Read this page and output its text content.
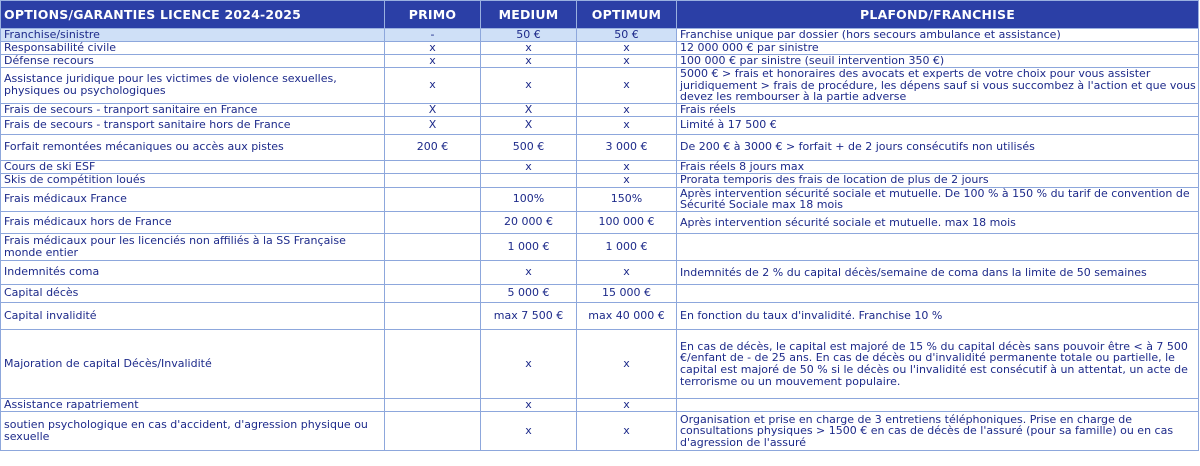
OPTIONS/GARANTIES LICENCE 2024-2025	PRIMO	MEDIUM	OPTIMUM	PLAFOND/FRANCHISE
Franchise/sinistre	-	50 €	50 €	Franchise unique par dossier (hors secours ambulance et assistance)
Responsabilité civile	x	x	x	12 000 000 € par sinistre
Défense recours	x	x	x	100 000 € par sinistre (seuil intervention 350 €)
Assistance juridique pour les victimes de violence sexuelles, physiques ou psychologiques	x	x	x	5000 € > frais et honoraires des avocats et experts de votre choix pour vous assister juridiquement > frais de procédure, les dépens sauf si vous succombez à l'action et que vous devez les rembourser à la partie adverse
Frais de secours - tranport sanitaire en France	X	X	x	Frais réels
Frais de secours - transport sanitaire hors de France	X	X	x	Limité à 17 500 €
Forfait remontées mécaniques ou accès aux pistes	200 €	500 €	3 000 €	De 200 € à 3000 € > forfait + de 2 jours consécutifs non utilisés
Cours de ski ESF		x	x	Frais réels 8 jours max
Skis de compétition loués			x	Prorata temporis des frais de location de plus de 2 jours
Frais médicaux France		100%	150%	Après intervention sécurité sociale et mutuelle. De 100 % à 150 % du tarif de convention de Sécurité Sociale max 18 mois
Frais médicaux hors de France		20 000 €	100 000 €	Après intervention sécurité sociale et mutuelle. max 18 mois
Frais médicaux pour les licenciés non affiliés à la SS Française monde entier		1 000 €	1 000 €	
Indemnités coma		x	x	Indemnités de 2 % du capital décès/semaine de coma dans la limite de 50 semaines
Capital décès		5 000 €	15 000 €	
Capital invalidité		max 7 500 €	max 40 000 €	En fonction du taux d'invalidité. Franchise 10 %
Majoration de capital Décès/Invalidité		x	x	En cas de décès, le capital est majoré de 15 % du capital décès sans pouvoir être < à 7 500 €/enfant de - de 25 ans. En cas de décès ou d'invalidité permanente totale ou partielle, le capital est majoré de 50 % si le décès ou l'invalidité est consécutif à un attentat, un acte de terrorisme ou un mouvement populaire.
Assistance rapatriement		x	x	
soutien psychologique en cas d'accident, d'agression physique ou sexuelle		x	x	Organisation et prise en charge de 3 entretiens téléphoniques. Prise en charge de consultations physiques > 1500 € en cas de décès de l'assuré (pour sa famille) ou en cas d'agression de l'assuré
